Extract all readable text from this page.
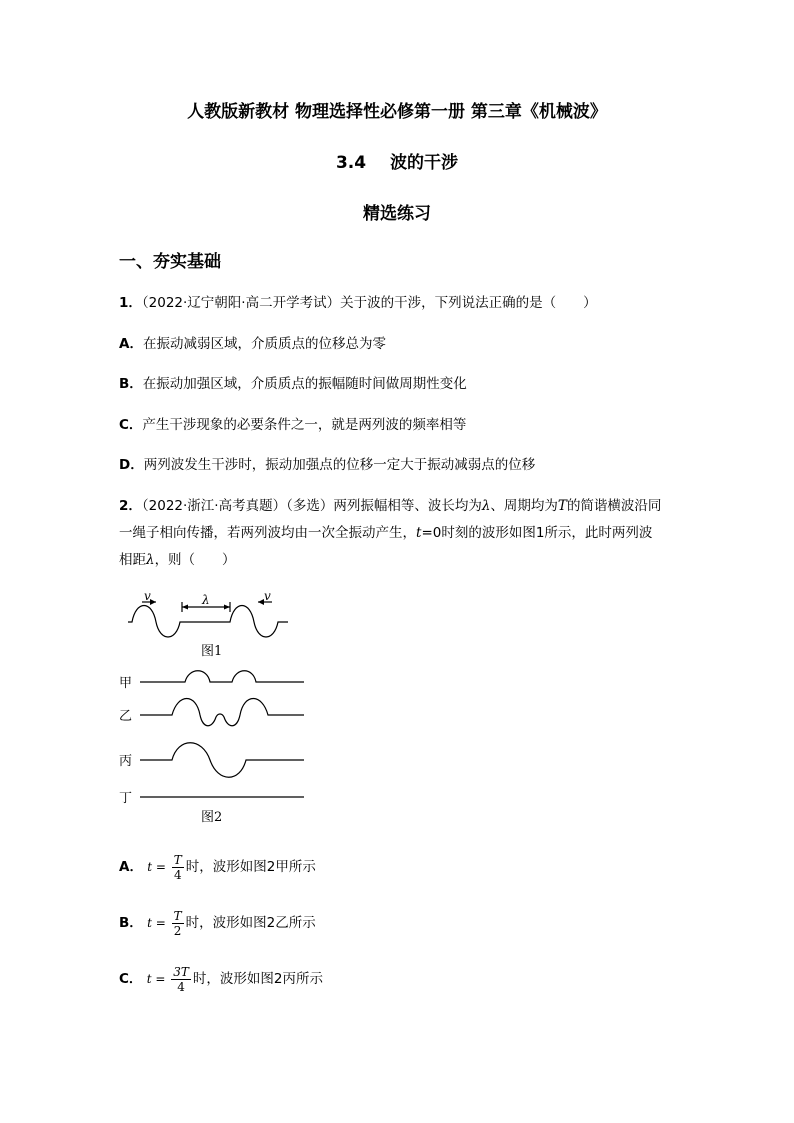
人教版新教材 物理选择性必修第一册 第三章《机械波》
3.4 波的干涉
精选练习
一、夯实基础
1．（2022·辽宁朝阳·高二开学考试）关于波的干涉，下列说法正确的是（　　）
A．在振动减弱区域，介质质点的位移总为零
B．在振动加强区域，介质质点的振幅随时间做周期性变化
C．产生干涉现象的必要条件之一，就是两列波的频率相等
D．两列波发生干涉时，振动加强点的位移一定大于振动减弱点的位移
2．（2022·浙江·高考真题）（多选）两列振幅相等、波长均为λ、周期均为T的简谐横波沿同
一绳子相向传播，若两列波均由一次全振动产生，t=0时刻的波形如图1所示，此时两列波
相距λ，则（　　）
v	v
λ
图1
甲
乙
丙
丁
图2
A． $t = \frac{T}{4}$ 时，波形如图2甲所示
B． $t = \frac{T}{2}$ 时，波形如图2乙所示
C． $t = \frac{3T}{4}$ 时，波形如图2丙所示
